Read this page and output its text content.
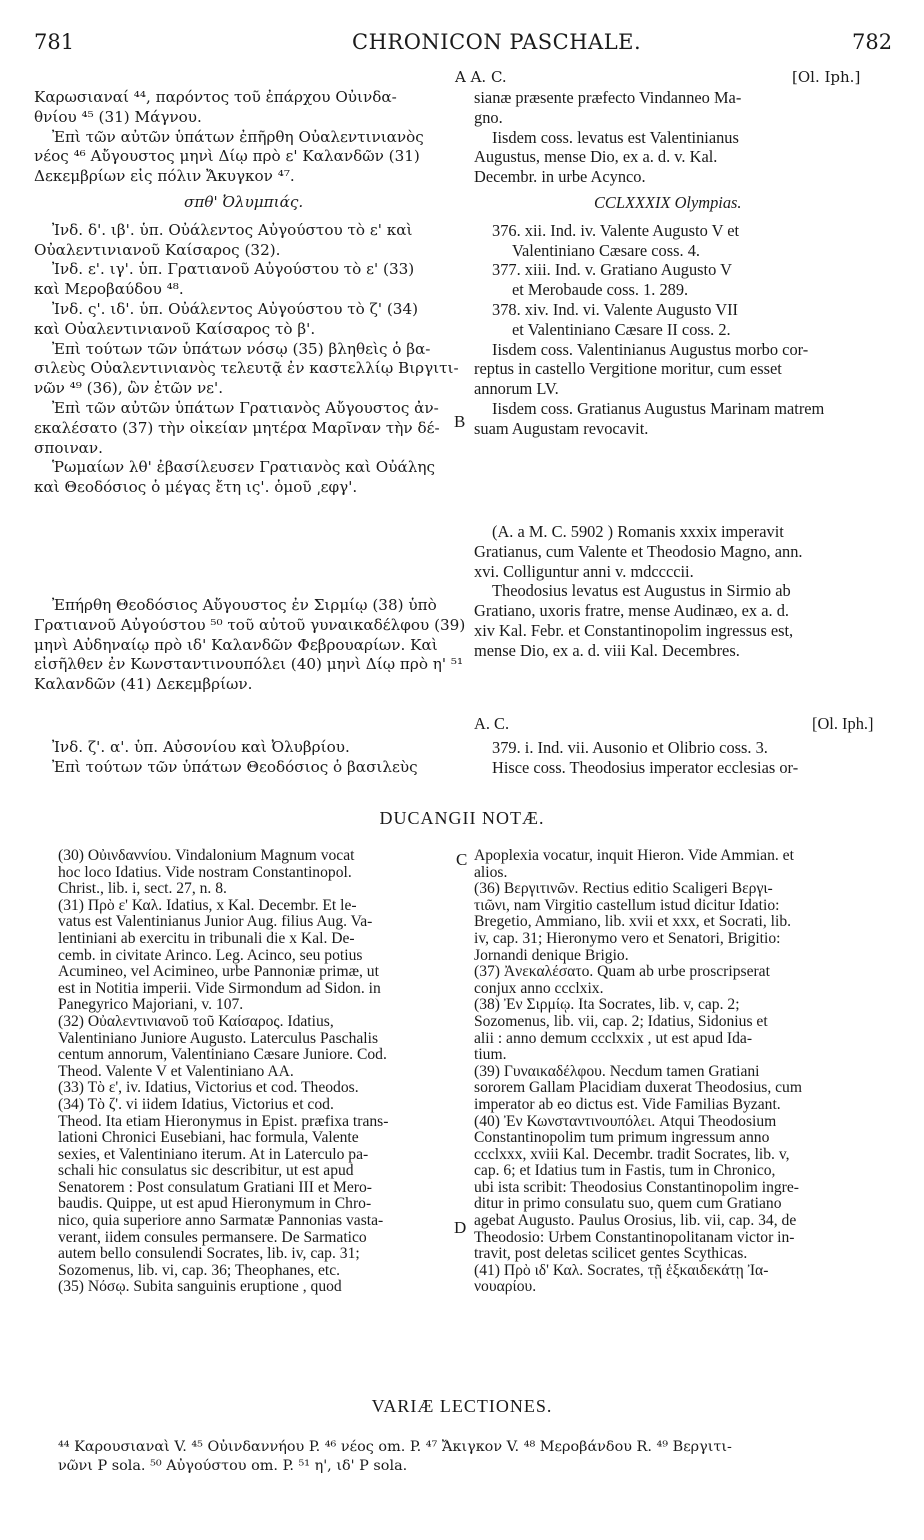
781	CHRONICON PASCHALE.	782
A A. C.	[Ol. Iph.]
Καρωσιαναί ⁴⁴, παρόντος τοῦ ἐπάρχου Οὐινδα-
θνίου ⁴⁵ (31) Μάγνου.
Ἐπὶ τῶν αὐτῶν ὑπάτων ἐπῆρθη Οὐαλεντινιανὸς
νέος ⁴⁶ Αὔγουστος μηνὶ Δίῳ πρὸ ε' Καλανδῶν (31)
Δεκεμβρίων εἰς πόλιν Ἄκυγκον ⁴⁷.
σπθ' Ὀλυμπιάς.
Ἰνδ. δ'. ιβ'. ὑπ. Οὐάλεντος Αὐγούστου τὸ ε' καὶ
Οὐαλεντινιανοῦ Καίσαρος (32).
Ἰνδ. ε'. ιγ'. ὑπ. Γρατιανοῦ Αὐγούστου τὸ ε' (33)
καὶ Μεροβαύδου ⁴⁸.
Ἰνδ. ς'. ιδ'. ὑπ. Οὐάλεντος Αὐγούστου τὸ ζ' (34)
καὶ Οὐαλεντινιανοῦ Καίσαρος τὸ β'.
Ἐπὶ τούτων τῶν ὑπάτων νόσῳ (35) βληθεὶς ὁ βα-
σιλεὺς Οὐαλεντινιανὸς τελευτᾷ ἐν καστελλίῳ Βιργιτι-
νῶν ⁴⁹ (36), ὢν ἐτῶν νε'.
Ἐπὶ τῶν αὐτῶν ὑπάτων Γρατιανὸς Αὔγουστος ἀν-
εκαλέσατο (37) τὴν οἰκείαν μητέρα Μαρῖναν τὴν δέ-
σποιναν.
Ῥωμαίων λθ' ἐβασίλευσεν Γρατιανὸς καὶ Οὐάλης
καὶ Θεοδόσιος ὁ μέγας ἔτη ις'. ὁμοῦ ͵εφγ'.
Ἐπήρθη Θεοδόσιος Αὔγουστος ἐν Σιρμίῳ (38) ὑπὸ
Γρατιανοῦ Αὐγούστου ⁵⁰ τοῦ αὐτοῦ γυναικαδέλφου (39)
μηνὶ Αὐδηναίῳ πρὸ ιδ' Καλανδῶν Φεβρουαρίων. Καὶ
εἰσῆλθεν ἐν Κωνσταντινουπόλει (40) μηνὶ Δίῳ πρὸ η' ⁵¹
Καλανδῶν (41) Δεκεμβρίων.
Ἰνδ. ζ'. α'. ὑπ. Αὐσονίου καὶ Ὀλυβρίου.
Ἐπὶ τούτων τῶν ὑπάτων Θεοδόσιος ὁ βασιλεὺς
sianæ præsente præfecto Vindanneo Ma-
gno.
Iisdem coss. levatus est Valentinianus
Augustus, mense Dio, ex a. d. v. Kal.
Decembr. in urbe Acynco.
CCLXXXIX Olympias.
376. xii. Ind. iv. Valente Augusto V et
Valentiniano Cæsare coss. 4.
377. xiii. Ind. v. Gratiano Augusto V
et Merobaude coss. 1. 289.
378. xiv. Ind. vi. Valente Augusto VII
et Valentiniano Cæsare II coss. 2.
Iisdem coss. Valentinianus Augustus morbo cor-
reptus in castello Vergitione moritur, cum esset
annorum LV.
Iisdem coss. Gratianus Augustus Marinam matrem
suam Augustam revocavit.
(A. a M. C. 5902 ) Romanis xxxix imperavit
Gratianus, cum Valente et Theodosio Magno, ann.
xvi. Colliguntur anni v. mdccccii.
Theodosius levatus est Augustus in Sirmio ab
Gratiano, uxoris fratre, mense Audinæo, ex a. d.
xiv Kal. Febr. et Constantinopolim ingressus est,
mense Dio, ex a. d. viii Kal. Decembres.
A. C.	[Ol. Iph.]
379. i. Ind. vii. Ausonio et Olibrio coss. 3.
Hisce coss. Theodosius imperator ecclesias or-
B
C
D
DUCANGII NOTÆ.
(30) Οὐινδαννίου. Vindalonium Magnum vocat
hoc loco Idatius. Vide nostram Constantinopol.
Christ., lib. i, sect. 27, n. 8.
(31) Πρὸ ε' Καλ. Idatius, x Kal. Decembr. Et le-
vatus est Valentinianus Junior Aug. filius Aug. Va-
lentiniani ab exercitu in tribunali die x Kal. De-
cemb. in civitate Arinco. Leg. Acinco, seu potius
Acumineo, vel Acimineo, urbe Pannoniæ primæ, ut
est in Notitia imperii. Vide Sirmondum ad Sidon. in
Panegyrico Majoriani, v. 107.
(32) Οὐαλεντινιανοῦ τοῦ Καίσαρος. Idatius,
Valentiniano Juniore Augusto. Laterculus Paschalis
centum annorum, Valentiniano Cæsare Juniore. Cod.
Theod. Valente V et Valentiniano AA.
(33) Τὸ ε', iv. Idatius, Victorius et cod. Theodos.
(34) Τὸ ζ'. vi iidem Idatius, Victorius et cod.
Theod. Ita etiam Hieronymus in Epist. præfixa trans-
lationi Chronici Eusebiani, hac formula, Valente
sexies, et Valentiniano iterum. At in Laterculo pa-
schali hic consulatus sic describitur, ut est apud
Senatorem : Post consulatum Gratiani III et Mero-
baudis. Quippe, ut est apud Hieronymum in Chro-
nico, quia superiore anno Sarmatæ Pannonias vasta-
verant, iidem consules permansere. De Sarmatico
autem bello consulendi Socrates, lib. iv, cap. 31;
Sozomenus, lib. vi, cap. 36; Theophanes, etc.
(35) Νόσῳ. Subita sanguinis eruptione , quod
Apoplexia vocatur, inquit Hieron. Vide Ammian. et
alios.
(36) Βεργιτινῶν. Rectius editio Scaligeri Βεργι-
τιῶνι, nam Virgitio castellum istud dicitur Idatio:
Bregetio, Ammiano, lib. xvii et xxx, et Socrati, lib.
iv, cap. 31; Hieronymo vero et Senatori, Brigitio:
Jornandi denique Brigio.
(37) Ἀνεκαλέσατο. Quam ab urbe proscripserat
conjux anno ccclxix.
(38) Ἐν Σιρμίῳ. Ita Socrates, lib. v, cap. 2;
Sozomenus, lib. vii, cap. 2; Idatius, Sidonius et
alii : anno demum ccclxxix , ut est apud Ida-
tium.
(39) Γυναικαδέλφου. Necdum tamen Gratiani
sororem Gallam Placidiam duxerat Theodosius, cum
imperator ab eo dictus est. Vide Familias Byzant.
(40) Ἐν Κωνσταντινουπόλει. Atqui Theodosium
Constantinopolim tum primum ingressum anno
ccclxxx, xviii Kal. Decembr. tradit Socrates, lib. v,
cap. 6; et Idatius tum in Fastis, tum in Chronico,
ubi ista scribit: Theodosius Constantinopolim ingre-
ditur in primo consulatu suo, quem cum Gratiano
agebat Augusto. Paulus Orosius, lib. vii, cap. 34, de
Theodosio: Urbem Constantinopolitanam victor in-
travit, post deletas scilicet gentes Scythicas.
(41) Πρὸ ιδ' Καλ. Socrates, τῇ ἑξκαιδεκάτῃ Ἰα-
νουαρίου.
VARIÆ LECTIONES.
⁴⁴ Καρουσιαναὶ V. ⁴⁵ Οὐινδαννήου P. ⁴⁶ νέος om. P. ⁴⁷ Ἄκιγκον V. ⁴⁸ Μεροβάνδου R. ⁴⁹ Βεργιτι-
νῶνι P sola. ⁵⁰ Αὐγούστου om. P. ⁵¹ η', ιδ' P sola.
